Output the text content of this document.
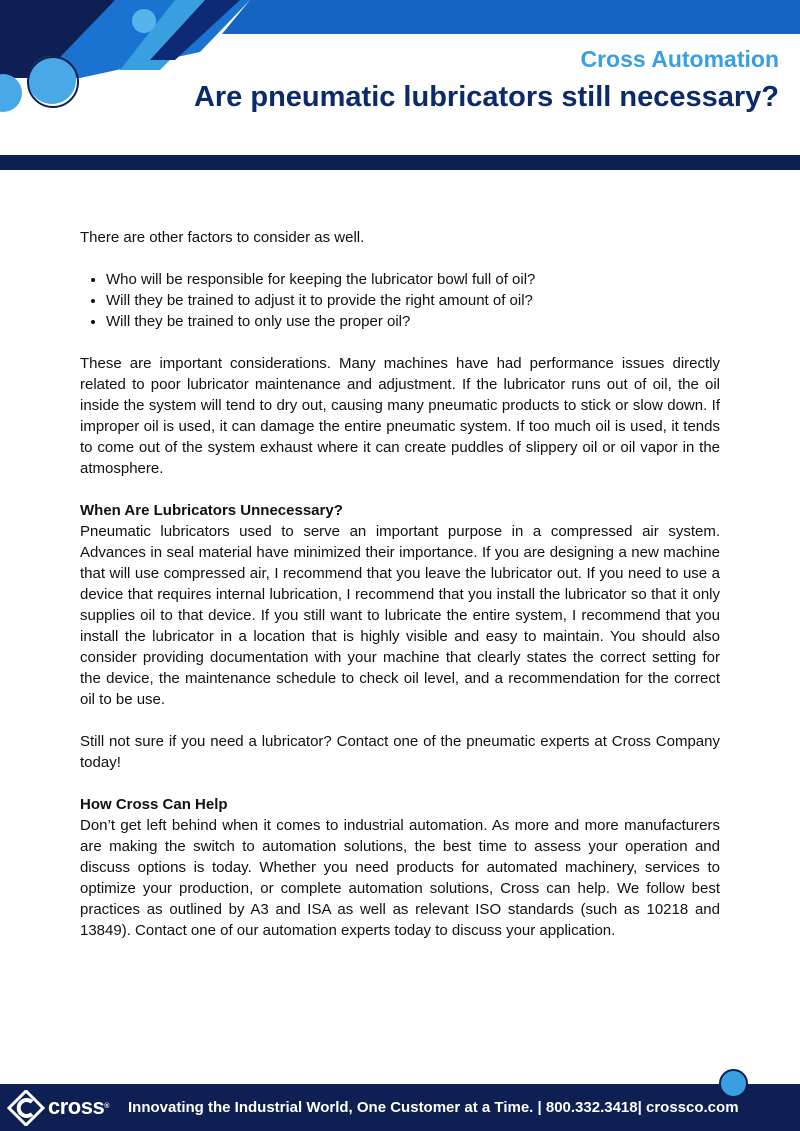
Cross Automation
Are pneumatic lubricators still necessary?

There are other factors to consider as well.

• Who will be responsible for keeping the lubricator bowl full of oil?
• Will they be trained to adjust it to provide the right amount of oil?
• Will they be trained to only use the proper oil?

These are important considerations. Many machines have had performance issues directly related to poor lubricator maintenance and adjustment. If the lubricator runs out of oil, the oil inside the system will tend to dry out, causing many pneumatic products to stick or slow down. If improper oil is used, it can damage the entire pneumatic system. If too much oil is used, it tends to come out of the system exhaust where it can create puddles of slippery oil or oil vapor in the atmosphere.

When Are Lubricators Unnecessary?

Pneumatic lubricators used to serve an important purpose in a compressed air system. Advances in seal material have minimized their importance. If you are designing a new machine that will use compressed air, I recommend that you leave the lubricator out. If you need to use a device that requires internal lubrication, I recommend that you install the lubricator so that it only supplies oil to that device. If you still want to lubricate the entire system, I recommend that you install the lubricator in a location that is highly visible and easy to maintain. You should also consider providing documentation with your machine that clearly states the correct setting for the device, the maintenance schedule to check oil level, and a recommendation for the correct oil to be use.

Still not sure if you need a lubricator? Contact one of the pneumatic experts at Cross Company today!

How Cross Can Help

Don’t get left behind when it comes to industrial automation. As more and more manufacturers are making the switch to automation solutions, the best time to assess your operation and discuss options is today. Whether you need products for automated machinery, services to optimize your production, or complete automation solutions, Cross can help. We follow best practices as outlined by A3 and ISA as well as relevant ISO standards (such as 10218 and 13849). Contact one of our automation experts today to discuss your application.

cross® Innovating the Industrial World, One Customer at a Time. | 800.332.3418| crossco.com
